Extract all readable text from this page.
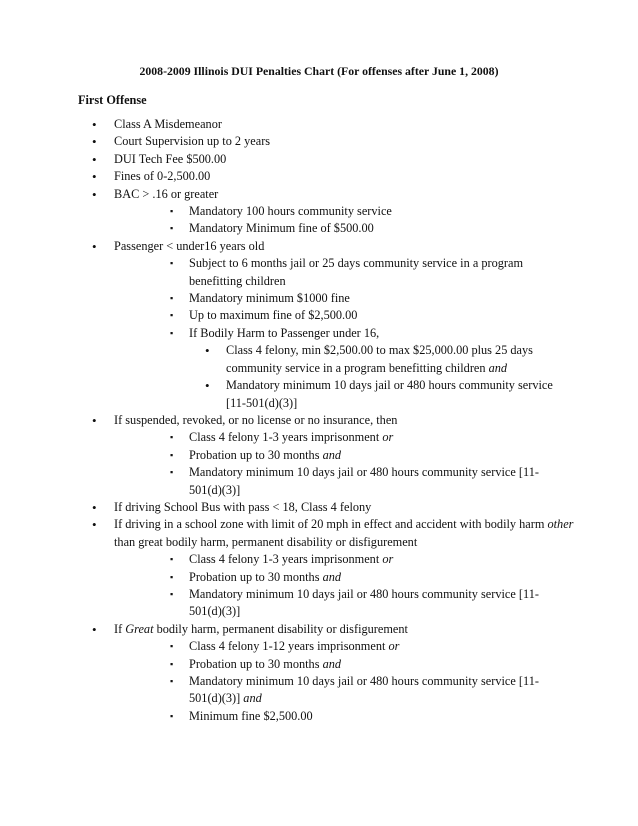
2008-2009 Illinois DUI Penalties Chart (For offenses after June 1, 2008)
First Offense
• Class A Misdemeanor
• Court Supervision up to 2 years
• DUI Tech Fee $500.00
• Fines of 0-2,500.00
• BAC > .16 or greater
▪ Mandatory 100 hours community service
▪ Mandatory Minimum fine of $500.00
• Passenger < under16 years old
▪ Subject to 6 months jail or 25 days community service in a program benefitting children
▪ Mandatory minimum $1000 fine
▪ Up to maximum fine of $2,500.00
▪ If Bodily Harm to Passenger under 16,
• Class 4 felony, min $2,500.00 to max $25,000.00 plus 25 days community service in a program benefitting children and
• Mandatory minimum 10 days jail or 480 hours community service [11-501(d)(3)]
• If suspended, revoked, or no license or no insurance, then
▪ Class 4 felony 1-3 years imprisonment or
▪ Probation up to 30 months and
▪ Mandatory minimum 10 days jail or 480 hours community service [11-501(d)(3)]
• If driving School Bus with pass < 18, Class 4 felony
• If driving in a school zone with limit of 20 mph in effect and accident with bodily harm other than great bodily harm, permanent disability or disfigurement
▪ Class 4 felony 1-3 years imprisonment or
▪ Probation up to 30 months and
▪ Mandatory minimum 10 days jail or 480 hours community service [11-501(d)(3)]
• If Great bodily harm, permanent disability or disfigurement
▪ Class 4 felony 1-12 years imprisonment or
▪ Probation up to 30 months and
▪ Mandatory minimum 10 days jail or 480 hours community service [11-501(d)(3)] and
▪ Minimum fine $2,500.00
